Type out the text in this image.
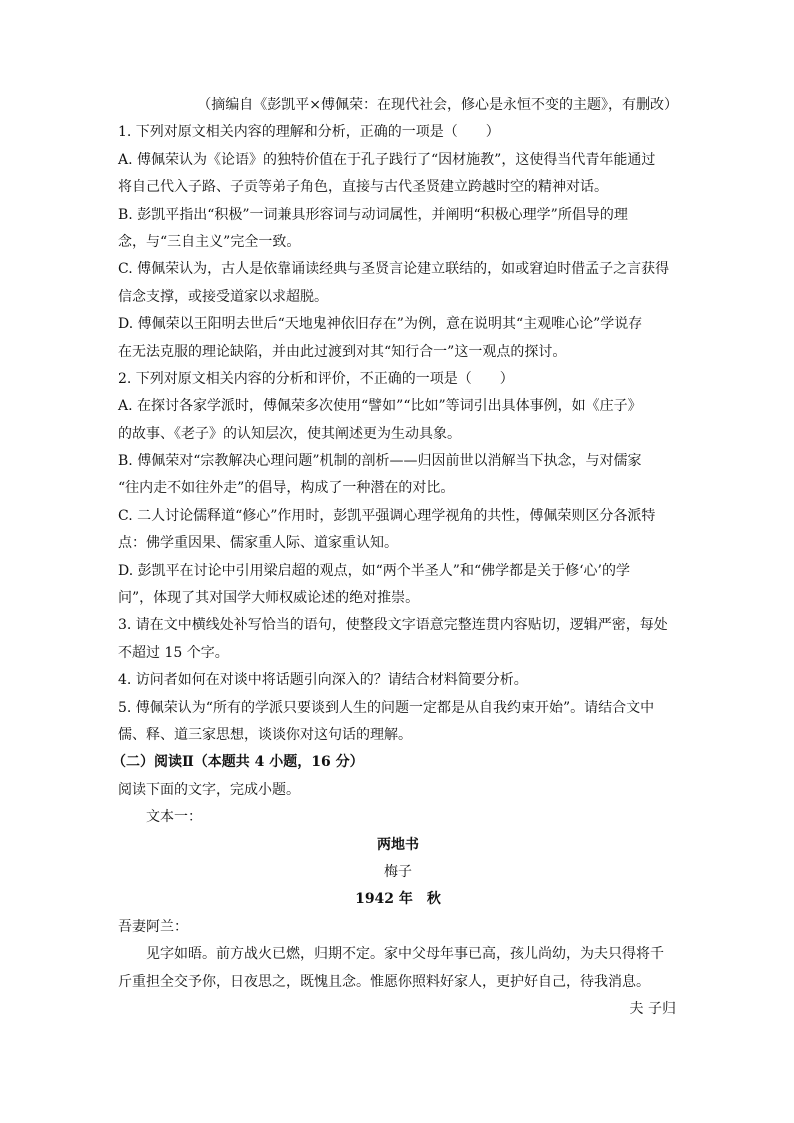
（摘编自《彭凯平×傅佩荣：在现代社会，修心是永恒不变的主题》，有删改）
1. 下列对原文相关内容的理解和分析，正确的一项是（　　）
A. 傅佩荣认为《论语》的独特价值在于孔子践行了“因材施教”，这使得当代青年能通过
将自己代入子路、子贡等弟子角色，直接与古代圣贤建立跨越时空的精神对话。
B. 彭凯平指出“积极”一词兼具形容词与动词属性，并阐明“积极心理学”所倡导的理
念，与“三自主义”完全一致。
C. 傅佩荣认为，古人是依靠诵读经典与圣贤言论建立联结的，如或窘迫时借孟子之言获得
信念支撑，或接受道家以求超脱。
D. 傅佩荣以王阳明去世后“天地鬼神依旧存在”为例，意在说明其“主观唯心论”学说存
在无法克服的理论缺陷，并由此过渡到对其“知行合一”这一观点的探讨。
2. 下列对原文相关内容的分析和评价，不正确的一项是（　　）
A. 在探讨各家学派时，傅佩荣多次使用“譬如”“比如”等词引出具体事例，如《庄子》
的故事、《老子》的认知层次，使其阐述更为生动具象。
B. 傅佩荣对“宗教解决心理问题”机制的剖析——归因前世以消解当下执念，与对儒家
“往内走不如往外走”的倡导，构成了一种潜在的对比。
C. 二人讨论儒释道“修心”作用时，彭凯平强调心理学视角的共性，傅佩荣则区分各派特
点：佛学重因果、儒家重人际、道家重认知。
D. 彭凯平在讨论中引用梁启超的观点，如“两个半圣人”和“佛学都是关于修‘心’的学
问”，体现了其对国学大师权威论述的绝对推崇。
3. 请在文中横线处补写恰当的语句，使整段文字语意完整连贯内容贴切，逻辑严密，每处
不超过 15 个字。
4. 访问者如何在对谈中将话题引向深入的？请结合材料简要分析。
5. 傅佩荣认为“所有的学派只要谈到人生的问题一定都是从自我约束开始”。请结合文中
儒、释、道三家思想，谈谈你对这句话的理解。
（二）阅读Ⅱ（本题共 4 小题，16 分）
阅读下面的文字，完成小题。
文本一：
两地书
梅子
1942 年　秋
吾妻阿兰：
见字如晤。前方战火已燃，归期不定。家中父母年事已高，孩儿尚幼，为夫只得将千
斤重担全交予你，日夜思之，既愧且念。惟愿你照料好家人，更护好自己，待我消息。
夫 子归
